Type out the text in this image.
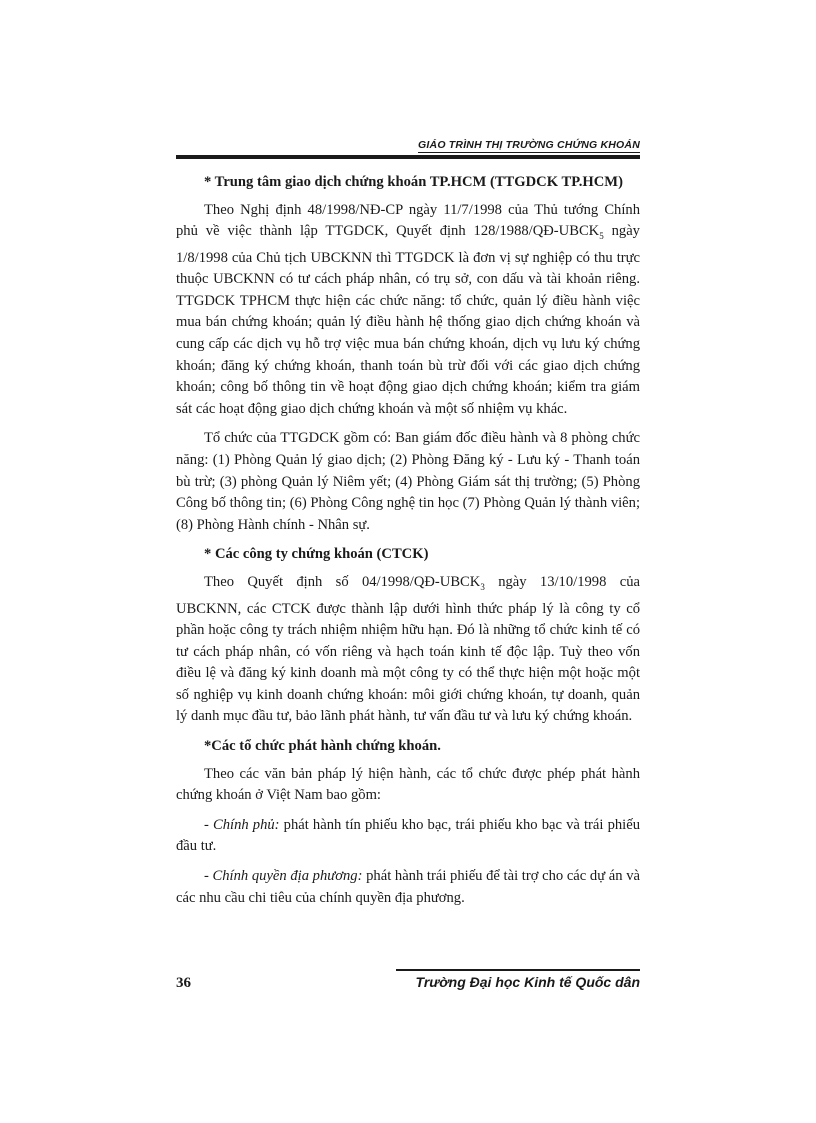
GIÁO TRÌNH THỊ TRƯỜNG CHỨNG KHOÁN
* Trung tâm giao dịch chứng khoán TP.HCM (TTGDCK TP.HCM)

Theo Nghị định 48/1998/NĐ-CP ngày 11/7/1998 của Thủ tướng Chính phủ về việc thành lập TTGDCK, Quyết định $128/1988/QĐ-UBCK_5$ ngày 1/8/1998 của Chủ tịch UBCKNN thì TTGDCK là đơn vị sự nghiệp có thu trực thuộc UBCKNN có tư cách pháp nhân, có trụ sở, con dấu và tài khoản riêng. TTGDCK TPHCM thực hiện các chức năng: tổ chức, quản lý điều hành việc mua bán chứng khoán; quản lý điều hành hệ thống giao dịch chứng khoán và cung cấp các dịch vụ hỗ trợ việc mua bán chứng khoán, dịch vụ lưu ký chứng khoán; đăng ký chứng khoán, thanh toán bù trừ đối với các giao dịch chứng khoán; công bố thông tin về hoạt động giao dịch chứng khoán; kiểm tra giám sát các hoạt động giao dịch chứng khoán và một số nhiệm vụ khác.

Tổ chức của TTGDCK gồm có: Ban giám đốc điều hành và 8 phòng chức năng: (1) Phòng Quản lý giao dịch; (2) Phòng Đăng ký - Lưu ký - Thanh toán bù trừ; (3) phòng Quản lý Niêm yết; (4) Phòng Giám sát thị trường; (5) Phòng Công bố thông tin; (6) Phòng Công nghệ tin học (7) Phòng Quản lý thành viên; (8) Phòng Hành chính - Nhân sự.

* Các công ty chứng khoán (CTCK)

Theo Quyết định số $04/1998/QĐ-UBCK_3$ ngày 13/10/1998 của UBCKNN, các CTCK được thành lập dưới hình thức pháp lý là công ty cổ phần hoặc công ty trách nhiệm nhiệm hữu hạn. Đó là những tổ chức kinh tế có tư cách pháp nhân, có vốn riêng và hạch toán kinh tế độc lập. Tuỳ theo vốn điều lệ và đăng ký kinh doanh mà một công ty có thể thực hiện một hoặc một số nghiệp vụ kinh doanh chứng khoán: môi giới chứng khoán, tự doanh, quản lý danh mục đầu tư, bảo lãnh phát hành, tư vấn đầu tư và lưu ký chứng khoán.

*Các tổ chức phát hành chứng khoán.

Theo các văn bản pháp lý hiện hành, các tổ chức được phép phát hành chứng khoán ở Việt Nam bao gồm:

- Chính phủ: phát hành tín phiếu kho bạc, trái phiếu kho bạc và trái phiếu đầu tư.

- Chính quyền địa phương: phát hành trái phiếu để tài trợ cho các dự án và các nhu cầu chi tiêu của chính quyền địa phương.

36	Trường Đại học Kinh tế Quốc dân
